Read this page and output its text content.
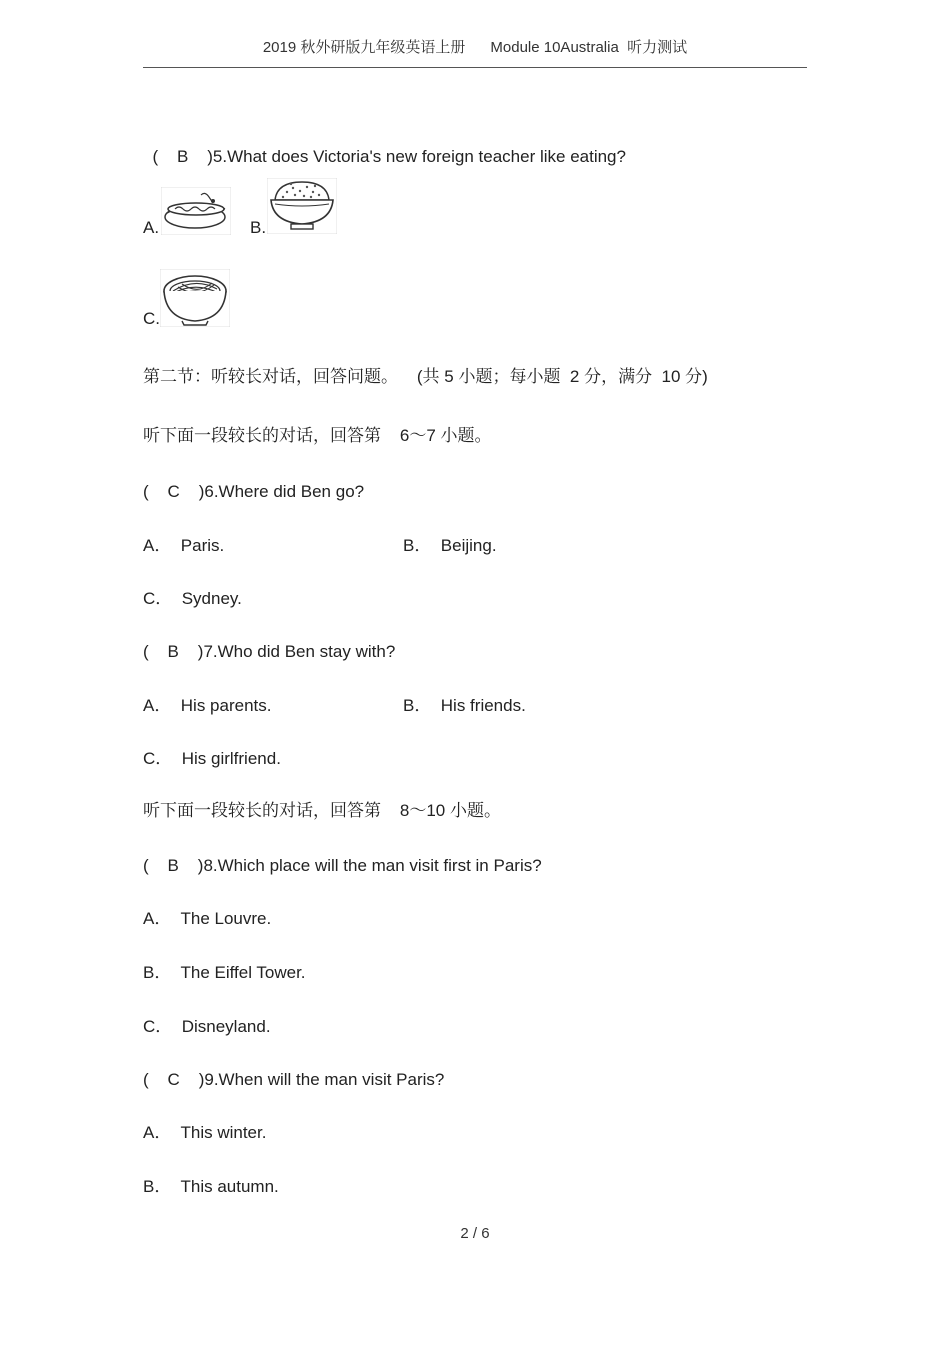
2019 秋外研版九年级英语上册      Module 10Australia  听力测试

(    B    )5.What does Victoria's new foreign teacher like eating?

A.	B.
C.
第二节：听较长对话，回答问题。    (共 5 小题；每小题  2 分，满分  10 分)
听下面一段较长的对话，回答第    6～7 小题。
(    C    )6.Where did Ben go?
A．  Paris.	B．  Beijing.
C．  Sydney.
(    B    )7.Who did Ben stay with?
A．  His parents.	B．  His friends.
C．  His girlfriend.
听下面一段较长的对话，回答第    8～10 小题。
(    B    )8.Which place will the man visit first in Paris?
A．  The Louvre.
B．  The Eiffel Tower.
C．  Disneyland.
(    C    )9.When will the man visit Paris?
A．  This winter.
B．  This autumn.
2 / 6
